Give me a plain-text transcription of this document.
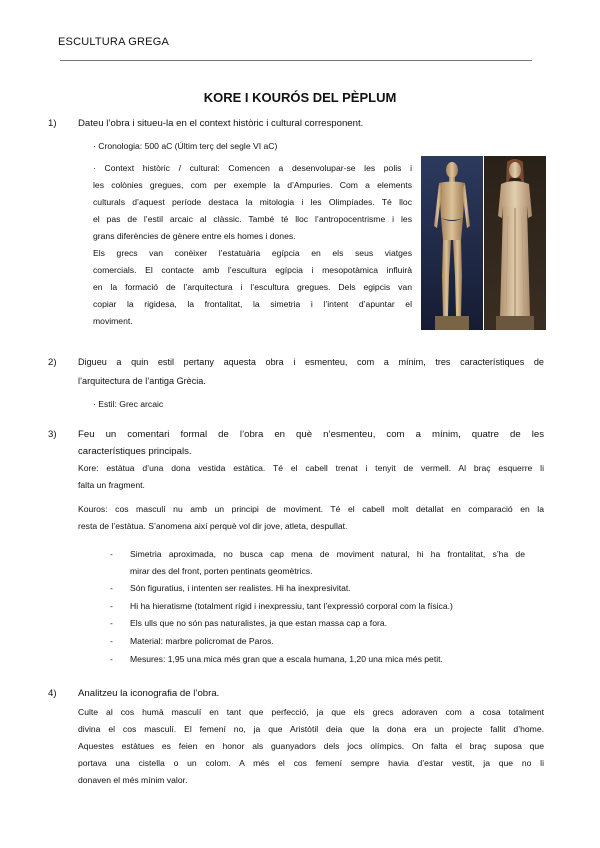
ESCULTURA GREGA
KORE I KOURÓS DEL PÈPLUM
1) Dateu l’obra i situeu-la en el context històric i cultural corresponent.
· Cronologia: 500 aC (Últim terç del segle VI aC)
· Context històric / cultural: Comencen a desenvolupar-se les polis i
les colònies gregues, com per exemple la d’Ampuries. Com a elements
culturals d’aquest període destaca la mitologia i les Olimpíades. Té lloc
el pas de l’estil arcaic al clàssic. També té lloc l’antropocentrisme i les
grans diferències de gènere entre els homes i dones.
Els grecs van conèixer l’estatuària egípcia en els seus viatges
comercials. El contacte amb l’escultura egípcia i mesopotàmica influirà
en la formació de l’arquitectura i l’escultura gregues. Dels egipcis van
copiar la rigidesa, la frontalitat, la simetria i l’intent d’apuntar el
moviment.
2) Digueu a quin estil pertany aquesta obra i esmenteu, com a mínim, tres característiques de
l’arquitectura de l’antiga Grècia.
· Estil: Grec arcaic
3) Feu un comentari formal de l’obra en què n’esmenteu, com a mínim, quatre de les
característiques principals.
Kore: estàtua d’una dona vestida estàtica. Té el cabell trenat i tenyit de vermell. Al braç esquerre li
falta un fragment.
Kouros: cos masculí nu amb un principi de moviment. Té el cabell molt detallat en comparació en la
resta de l’estàtua. S’anomena així perquè vol dir jove, atleta, despullat.
- Simetria aproximada, no busca cap mena de moviment natural, hi ha frontalitat, s’ha de
mirar des del front, porten pentinats geomètrics.
- Són figuratius, i intenten ser realistes. Hi ha inexpresivitat.
- Hi ha hieratisme (totalment rígid i inexpressiu, tant l’expressió corporal com la física.)
- Els ulls que no són pas naturalistes, ja que estan massa cap a fora.
- Material: marbre policromat de Paros.
- Mesures: 1,95 una mica més gran que a escala humana, 1,20 una mica més petit.
4) Analitzeu la iconografia de l’obra.
Culte al cos humà masculí en tant que perfecció, ja que els grecs adoraven com a cosa totalment
divina el cos masculí. El femení no, ja que Aristòtil deia que la dona era un projecte fallit d’home.
Aquestes estàtues es feien en honor als guanyadors dels jocs olímpics. On falta el braç suposa que
portava una cistella o un colom. A més el cos femení sempre havia d’estar vestit, ja que no li
donaven el més mínim valor.
